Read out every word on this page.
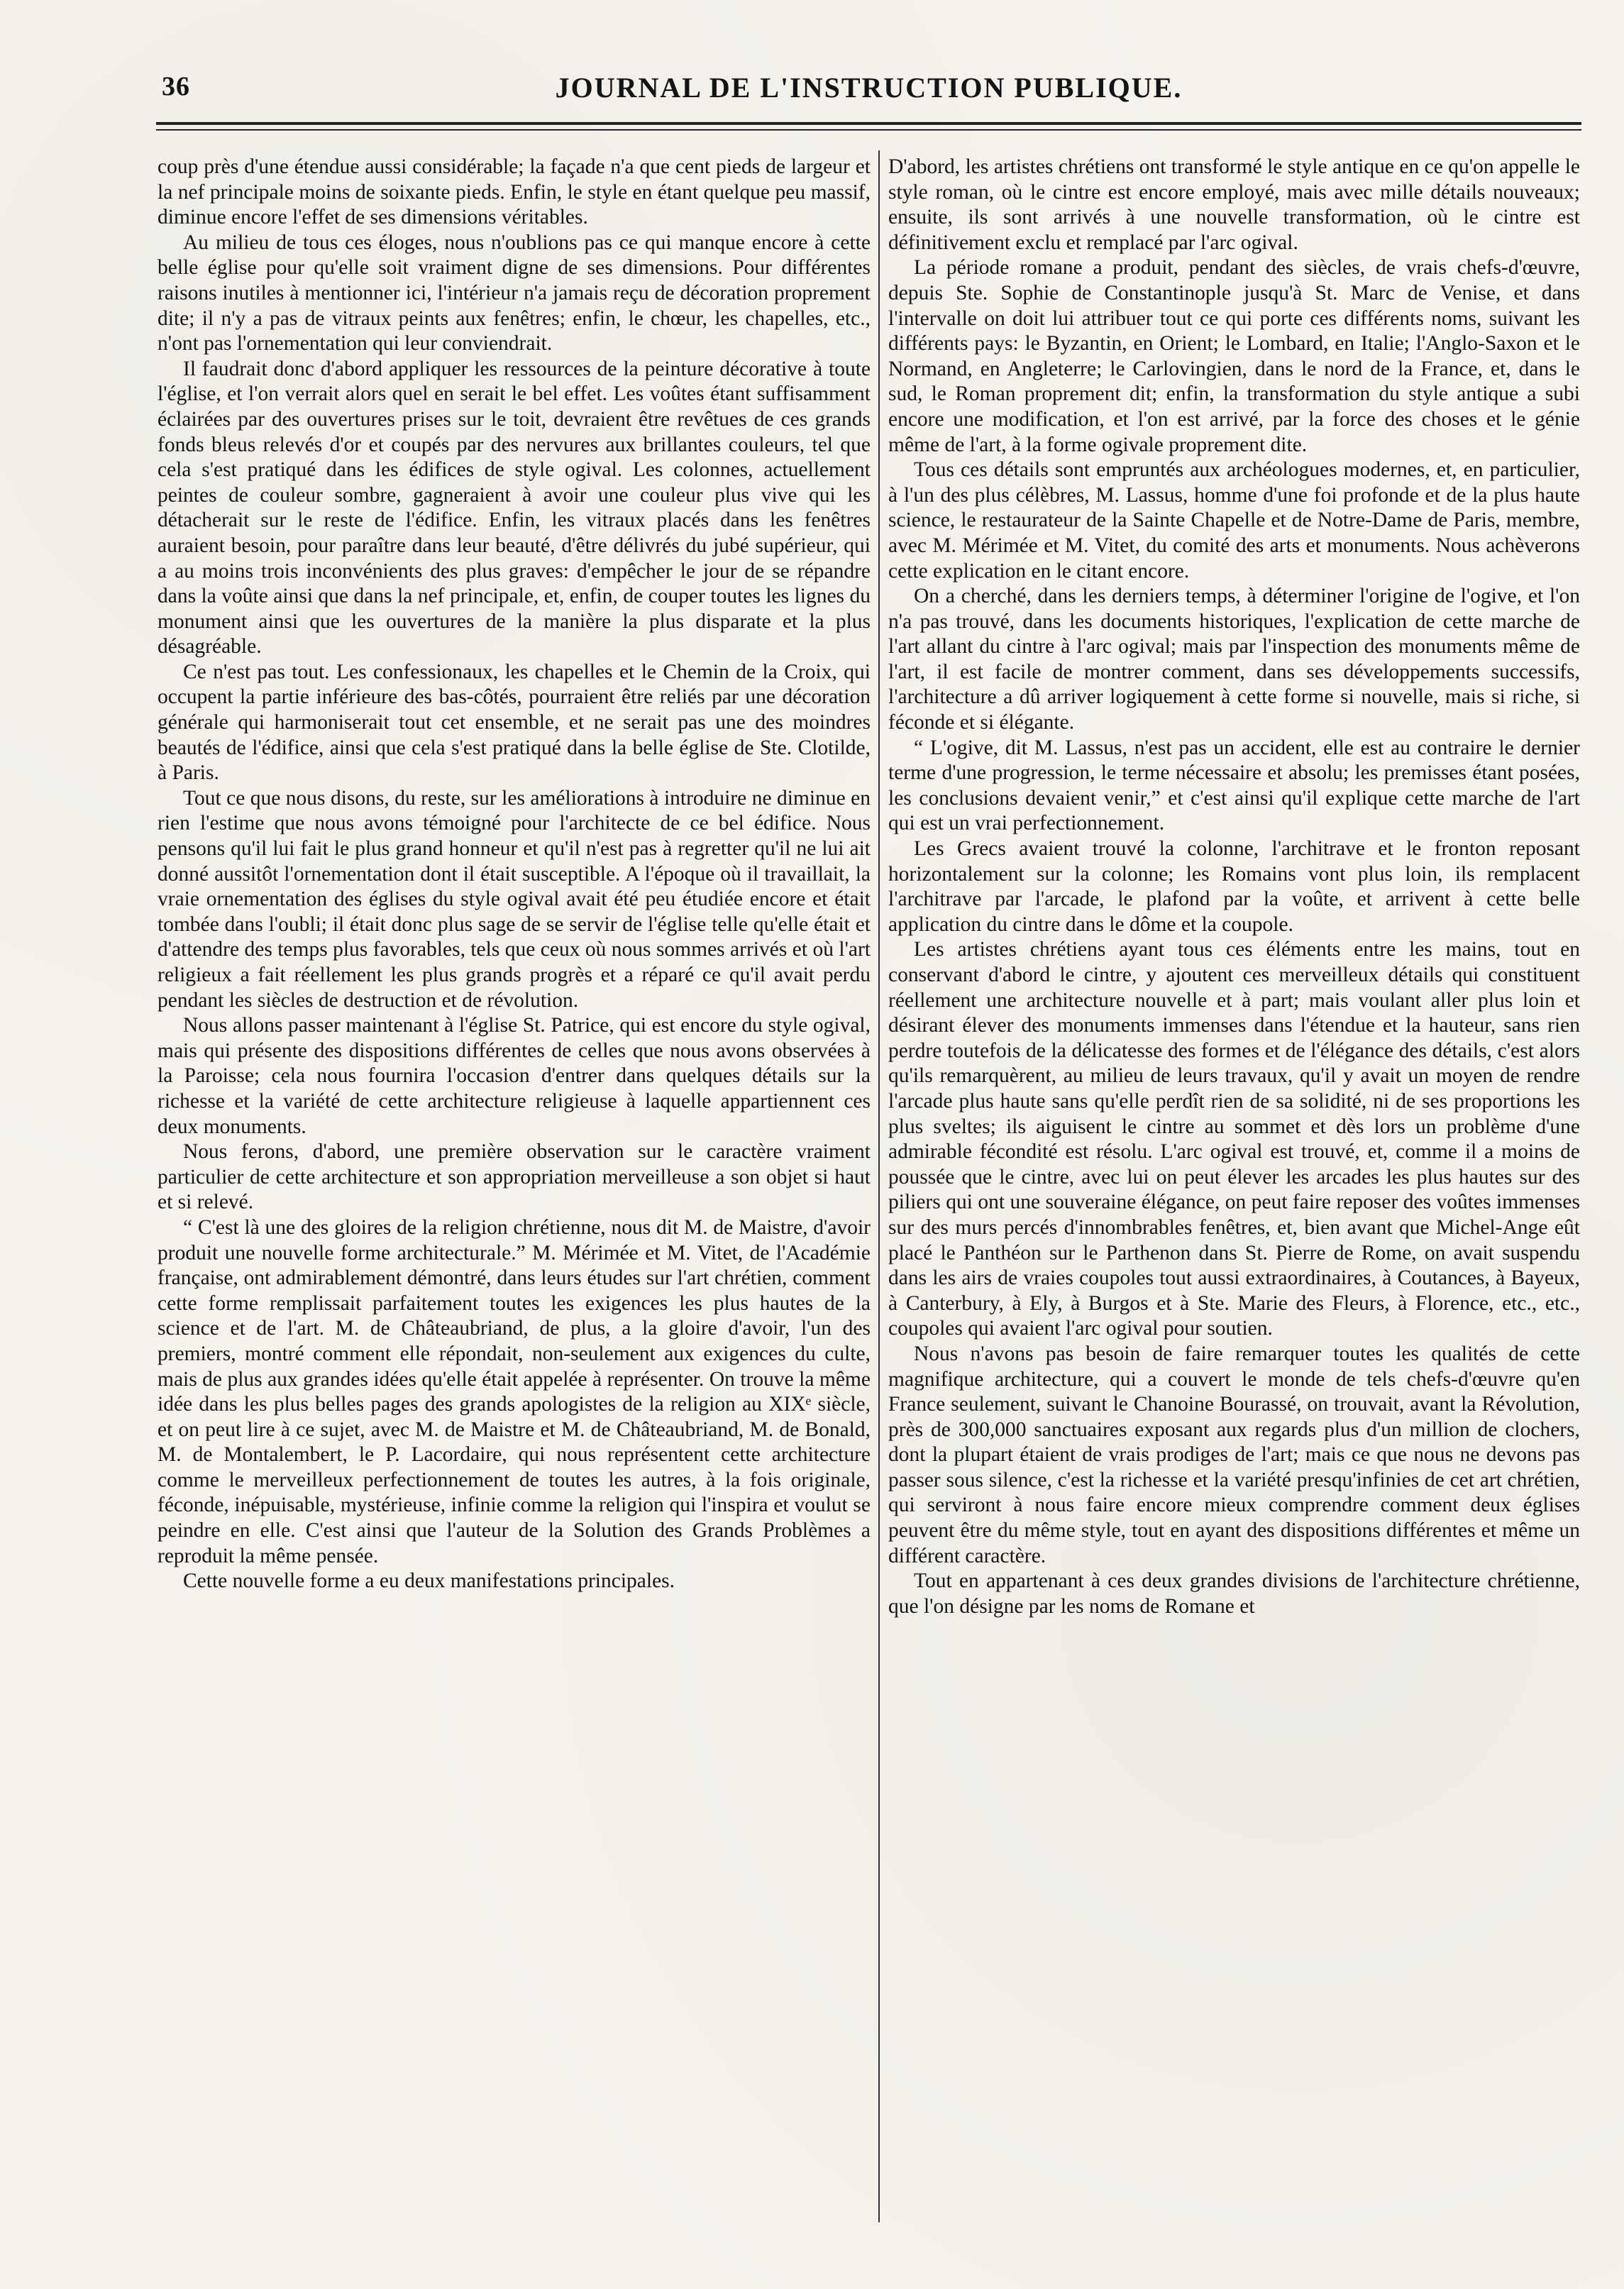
36	JOURNAL DE L'INSTRUCTION PUBLIQUE.

coup près d'une étendue aussi considérable; la façade n'a que cent pieds de largeur et la nef principale moins de soixante pieds. Enfin, le style en étant quelque peu massif, diminue encore l'effet de ses dimensions véritables.

Au milieu de tous ces éloges, nous n'oublions pas ce qui manque encore à cette belle église pour qu'elle soit vraiment digne de ses dimensions. Pour différentes raisons inutiles à mentionner ici, l'intérieur n'a jamais reçu de décoration proprement dite; il n'y a pas de vitraux peints aux fenêtres; enfin, le chœur, les chapelles, etc., n'ont pas l'ornementation qui leur conviendrait.

Il faudrait donc d'abord appliquer les ressources de la peinture décorative à toute l'église, et l'on verrait alors quel en serait le bel effet. Les voûtes étant suffisamment éclairées par des ouvertures prises sur le toit, devraient être revêtues de ces grands fonds bleus relevés d'or et coupés par des nervures aux brillantes couleurs, tel que cela s'est pratiqué dans les édifices de style ogival. Les colonnes, actuellement peintes de couleur sombre, gagneraient à avoir une couleur plus vive qui les détacherait sur le reste de l'édifice. Enfin, les vitraux placés dans les fenêtres auraient besoin, pour paraître dans leur beauté, d'être délivrés du jubé supérieur, qui a au moins trois inconvénients des plus graves: d'empêcher le jour de se répandre dans la voûte ainsi que dans la nef principale, et, enfin, de couper toutes les lignes du monument ainsi que les ouvertures de la manière la plus disparate et la plus désagréable.

Ce n'est pas tout. Les confessionaux, les chapelles et le Chemin de la Croix, qui occupent la partie inférieure des bas-côtés, pourraient être reliés par une décoration générale qui harmoniserait tout cet ensemble, et ne serait pas une des moindres beautés de l'édifice, ainsi que cela s'est pratiqué dans la belle église de Ste. Clotilde, à Paris.

Tout ce que nous disons, du reste, sur les améliorations à introduire ne diminue en rien l'estime que nous avons témoigné pour l'architecte de ce bel édifice. Nous pensons qu'il lui fait le plus grand honneur et qu'il n'est pas à regretter qu'il ne lui ait donné aussitôt l'ornementation dont il était susceptible. A l'époque où il travaillait, la vraie ornementation des églises du style ogival avait été peu étudiée encore et était tombée dans l'oubli; il était donc plus sage de se servir de l'église telle qu'elle était et d'attendre des temps plus favorables, tels que ceux où nous sommes arrivés et où l'art religieux a fait réellement les plus grands progrès et a réparé ce qu'il avait perdu pendant les siècles de destruction et de révolution.

Nous allons passer maintenant à l'église St. Patrice, qui est encore du style ogival, mais qui présente des dispositions différentes de celles que nous avons observées à la Paroisse; cela nous fournira l'occasion d'entrer dans quelques détails sur la richesse et la variété de cette architecture religieuse à laquelle appartiennent ces deux monuments.

Nous ferons, d'abord, une première observation sur le caractère vraiment particulier de cette architecture et son appropriation merveilleuse a son objet si haut et si relevé.

“ C'est là une des gloires de la religion chrétienne, nous dit M. de Maistre, d'avoir produit une nouvelle forme architecturale.” M. Mérimée et M. Vitet, de l'Académie française, ont admirablement démontré, dans leurs études sur l'art chrétien, comment cette forme remplissait parfaitement toutes les exigences les plus hautes de la science et de l'art. M. de Châteaubriand, de plus, a la gloire d'avoir, l'un des premiers, montré comment elle répondait, non-seulement aux exigences du culte, mais de plus aux grandes idées qu'elle était appelée à représenter. On trouve la même idée dans les plus belles pages des grands apologistes de la religion au XIXᵉ siècle, et on peut lire à ce sujet, avec M. de Maistre et M. de Châteaubriand, M. de Bonald, M. de Montalembert, le P. Lacordaire, qui nous représentent cette architecture comme le merveilleux perfectionnement de toutes les autres, à la fois originale, féconde, inépuisable, mystérieuse, infinie comme la religion qui l'inspira et voulut se peindre en elle. C'est ainsi que l'auteur de la Solution des Grands Problèmes a reproduit la même pensée.

Cette nouvelle forme a eu deux manifestations principales.

D'abord, les artistes chrétiens ont transformé le style antique en ce qu'on appelle le style roman, où le cintre est encore employé, mais avec mille détails nouveaux; ensuite, ils sont arrivés à une nouvelle transformation, où le cintre est définitivement exclu et remplacé par l'arc ogival.

La période romane a produit, pendant des siècles, de vrais chefs-d'œuvre, depuis Ste. Sophie de Constantinople jusqu'à St. Marc de Venise, et dans l'intervalle on doit lui attribuer tout ce qui porte ces différents noms, suivant les différents pays: le Byzantin, en Orient; le Lombard, en Italie; l'Anglo-Saxon et le Normand, en Angleterre; le Carlovingien, dans le nord de la France, et, dans le sud, le Roman proprement dit; enfin, la transformation du style antique a subi encore une modification, et l'on est arrivé, par la force des choses et le génie même de l'art, à la forme ogivale proprement dite.

Tous ces détails sont empruntés aux archéologues modernes, et, en particulier, à l'un des plus célèbres, M. Lassus, homme d'une foi profonde et de la plus haute science, le restaurateur de la Sainte Chapelle et de Notre-Dame de Paris, membre, avec M. Mérimée et M. Vitet, du comité des arts et monuments. Nous achèverons cette explication en le citant encore.

On a cherché, dans les derniers temps, à déterminer l'origine de l'ogive, et l'on n'a pas trouvé, dans les documents historiques, l'explication de cette marche de l'art allant du cintre à l'arc ogival; mais par l'inspection des monuments même de l'art, il est facile de montrer comment, dans ses développements successifs, l'architecture a dû arriver logiquement à cette forme si nouvelle, mais si riche, si féconde et si élégante.

“ L'ogive, dit M. Lassus, n'est pas un accident, elle est au contraire le dernier terme d'une progression, le terme nécessaire et absolu; les premisses étant posées, les conclusions devaient venir,” et c'est ainsi qu'il explique cette marche de l'art qui est un vrai perfectionnement.

Les Grecs avaient trouvé la colonne, l'architrave et le fronton reposant horizontalement sur la colonne; les Romains vont plus loin, ils remplacent l'architrave par l'arcade, le plafond par la voûte, et arrivent à cette belle application du cintre dans le dôme et la coupole.

Les artistes chrétiens ayant tous ces éléments entre les mains, tout en conservant d'abord le cintre, y ajoutent ces merveilleux détails qui constituent réellement une architecture nouvelle et à part; mais voulant aller plus loin et désirant élever des monuments immenses dans l'étendue et la hauteur, sans rien perdre toutefois de la délicatesse des formes et de l'élégance des détails, c'est alors qu'ils remarquèrent, au milieu de leurs travaux, qu'il y avait un moyen de rendre l'arcade plus haute sans qu'elle perdît rien de sa solidité, ni de ses proportions les plus sveltes; ils aiguisent le cintre au sommet et dès lors un problème d'une admirable fécondité est résolu. L'arc ogival est trouvé, et, comme il a moins de poussée que le cintre, avec lui on peut élever les arcades les plus hautes sur des piliers qui ont une souveraine élégance, on peut faire reposer des voûtes immenses sur des murs percés d'innombrables fenêtres, et, bien avant que Michel-Ange eût placé le Panthéon sur le Parthenon dans St. Pierre de Rome, on avait suspendu dans les airs de vraies coupoles tout aussi extraordinaires, à Coutances, à Bayeux, à Canterbury, à Ely, à Burgos et à Ste. Marie des Fleurs, à Florence, etc., etc., coupoles qui avaient l'arc ogival pour soutien.

Nous n'avons pas besoin de faire remarquer toutes les qualités de cette magnifique architecture, qui a couvert le monde de tels chefs-d'œuvre qu'en France seulement, suivant le Chanoine Bourassé, on trouvait, avant la Révolution, près de 300,000 sanctuaires exposant aux regards plus d'un million de clochers, dont la plupart étaient de vrais prodiges de l'art; mais ce que nous ne devons pas passer sous silence, c'est la richesse et la variété presqu'infinies de cet art chrétien, qui serviront à nous faire encore mieux comprendre comment deux églises peuvent être du même style, tout en ayant des dispositions différentes et même un différent caractère.

Tout en appartenant à ces deux grandes divisions de l'architecture chrétienne, que l'on désigne par les noms de Romane et
